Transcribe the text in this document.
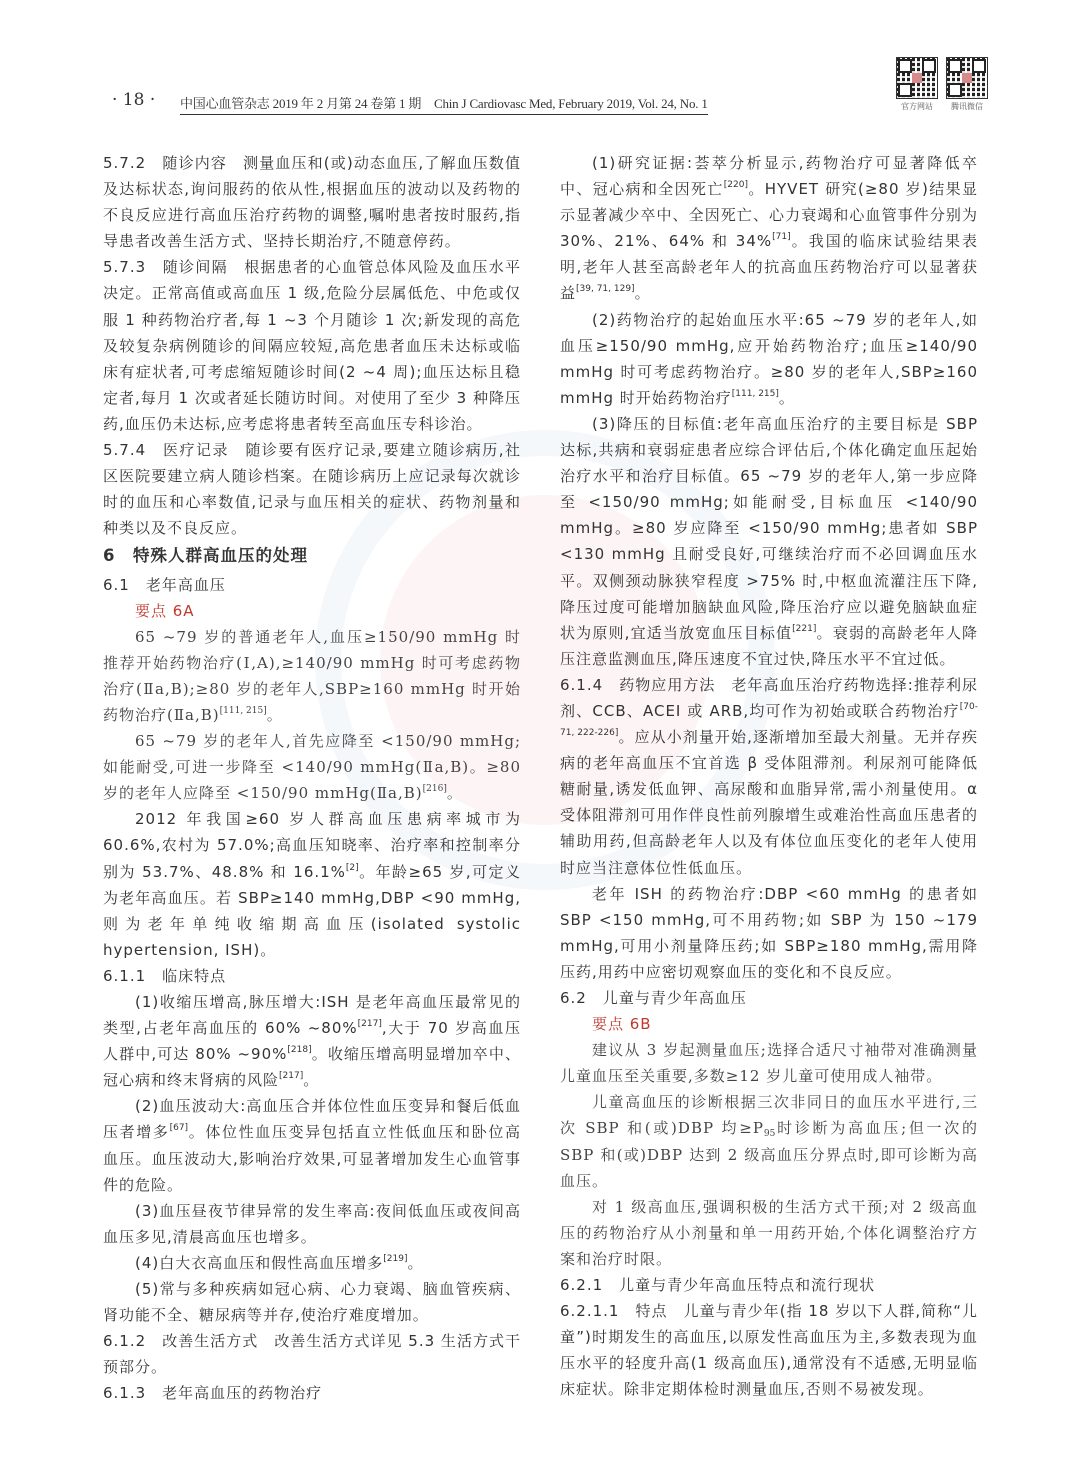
· 18 · 中国心血管杂志 2019 年 2 月第 24 卷第 1 期　Chin J Cardiovasc Med, February 2019, Vol. 24, No. 1	官方网站	腾讯微信
5.7.2　随诊内容　测量血压和(或)动态血压,了解血压数值及达标状态,询问服药的依从性,根据血压的波动以及药物的不良反应进行高血压治疗药物的调整,嘱咐患者按时服药,指导患者改善生活方式、坚持长期治疗,不随意停药。
5.7.3　随诊间隔　根据患者的心血管总体风险及血压水平决定。正常高值或高血压 1 级,危险分层属低危、中危或仅服 1 种药物治疗者,每 1 ~3 个月随诊 1 次;新发现的高危及较复杂病例随诊的间隔应较短,高危患者血压未达标或临床有症状者,可考虑缩短随诊时间(2 ~4 周);血压达标且稳定者,每月 1 次或者延长随访时间。对使用了至少 3 种降压药,血压仍未达标,应考虑将患者转至高血压专科诊治。
5.7.4　医疗记录　随诊要有医疗记录,要建立随诊病历,社区医院要建立病人随诊档案。在随诊病历上应记录每次就诊时的血压和心率数值,记录与血压相关的症状、药物剂量和种类以及不良反应。
6　特殊人群高血压的处理
6.1　老年高血压
要点 6A
65 ~79 岁的普通老年人,血压≥150/90 mmHg 时推荐开始药物治疗(Ⅰ,A),≥140/90 mmHg 时可考虑药物治疗(Ⅱa,B);≥80 岁的老年人,SBP≥160 mmHg 时开始药物治疗(Ⅱa,B)[111, 215]。
65 ~79 岁的老年人,首先应降至 <150/90 mmHg;如能耐受,可进一步降至 <140/90 mmHg(Ⅱa,B)。≥80 岁的老年人应降至 <150/90 mmHg(Ⅱa,B)[216]。
2012 年我国≥60 岁人群高血压患病率城市为 60.6%,农村为 57.0%;高血压知晓率、治疗率和控制率分别为 53.7%、48.8% 和 16.1%[2]。年龄≥65 岁,可定义为老年高血压。若 SBP≥140 mmHg,DBP <90 mmHg,则为老年单纯收缩期高血压(isolated systolic hypertension, ISH)。
6.1.1　临床特点
(1)收缩压增高,脉压增大:ISH 是老年高血压最常见的类型,占老年高血压的 60% ~80%[217],大于 70 岁高血压人群中,可达 80% ~90%[218]。收缩压增高明显增加卒中、冠心病和终末肾病的风险[217]。
(2)血压波动大:高血压合并体位性血压变异和餐后低血压者增多[67]。体位性血压变异包括直立性低血压和卧位高血压。血压波动大,影响治疗效果,可显著增加发生心血管事件的危险。
(3)血压昼夜节律异常的发生率高:夜间低血压或夜间高血压多见,清晨高血压也增多。
(4)白大衣高血压和假性高血压增多[219]。
(5)常与多种疾病如冠心病、心力衰竭、脑血管疾病、肾功能不全、糖尿病等并存,使治疗难度增加。
6.1.2　改善生活方式　改善生活方式详见 5.3 生活方式干预部分。
6.1.3　老年高血压的药物治疗
(1)研究证据:荟萃分析显示,药物治疗可显著降低卒中、冠心病和全因死亡[220]。HYVET 研究(≥80 岁)结果显示显著减少卒中、全因死亡、心力衰竭和心血管事件分别为 30%、21%、64% 和 34%[71]。我国的临床试验结果表明,老年人甚至高龄老年人的抗高血压药物治疗可以显著获益[39, 71, 129]。
(2)药物治疗的起始血压水平:65 ~79 岁的老年人,如血压≥150/90 mmHg,应开始药物治疗;血压≥140/90 mmHg 时可考虑药物治疗。≥80 岁的老年人,SBP≥160 mmHg 时开始药物治疗[111, 215]。
(3)降压的目标值:老年高血压治疗的主要目标是 SBP 达标,共病和衰弱症患者应综合评估后,个体化确定血压起始治疗水平和治疗目标值。65 ~79 岁的老年人,第一步应降至 <150/90 mmHg;如能耐受,目标血压 <140/90 mmHg。≥80 岁应降至 <150/90 mmHg;患者如 SBP <130 mmHg 且耐受良好,可继续治疗而不必回调血压水平。双侧颈动脉狭窄程度 >75% 时,中枢血流灌注压下降,降压过度可能增加脑缺血风险,降压治疗应以避免脑缺血症状为原则,宜适当放宽血压目标值[221]。衰弱的高龄老年人降压注意监测血压,降压速度不宜过快,降压水平不宜过低。
6.1.4　药物应用方法　老年高血压治疗药物选择:推荐利尿剂、CCB、ACEI 或 ARB,均可作为初始或联合药物治疗[70-71, 222-226]。应从小剂量开始,逐渐增加至最大剂量。无并存疾病的老年高血压不宜首选 β 受体阻滞剂。利尿剂可能降低糖耐量,诱发低血钾、高尿酸和血脂异常,需小剂量使用。α 受体阻滞剂可用作伴良性前列腺增生或难治性高血压患者的辅助用药,但高龄老年人以及有体位血压变化的老年人使用时应当注意体位性低血压。
老年 ISH 的药物治疗:DBP <60 mmHg 的患者如 SBP <150 mmHg,可不用药物;如 SBP 为 150 ~179 mmHg,可用小剂量降压药;如 SBP≥180 mmHg,需用降压药,用药中应密切观察血压的变化和不良反应。
6.2　儿童与青少年高血压
要点 6B
建议从 3 岁起测量血压;选择合适尺寸袖带对准确测量儿童血压至关重要,多数≥12 岁儿童可使用成人袖带。
儿童高血压的诊断根据三次非同日的血压水平进行,三次 SBP 和(或)DBP 均$\ge P_{95}$时诊断为高血压;但一次的 SBP 和(或)DBP 达到 2 级高血压分界点时,即可诊断为高血压。
对 1 级高血压,强调积极的生活方式干预;对 2 级高血压的药物治疗从小剂量和单一用药开始,个体化调整治疗方案和治疗时限。
6.2.1　儿童与青少年高血压特点和流行现状
6.2.1.1　特点　儿童与青少年(指 18 岁以下人群,简称“儿童”)时期发生的高血压,以原发性高血压为主,多数表现为血压水平的轻度升高(1 级高血压),通常没有不适感,无明显临床症状。除非定期体检时测量血压,否则不易被发现。
